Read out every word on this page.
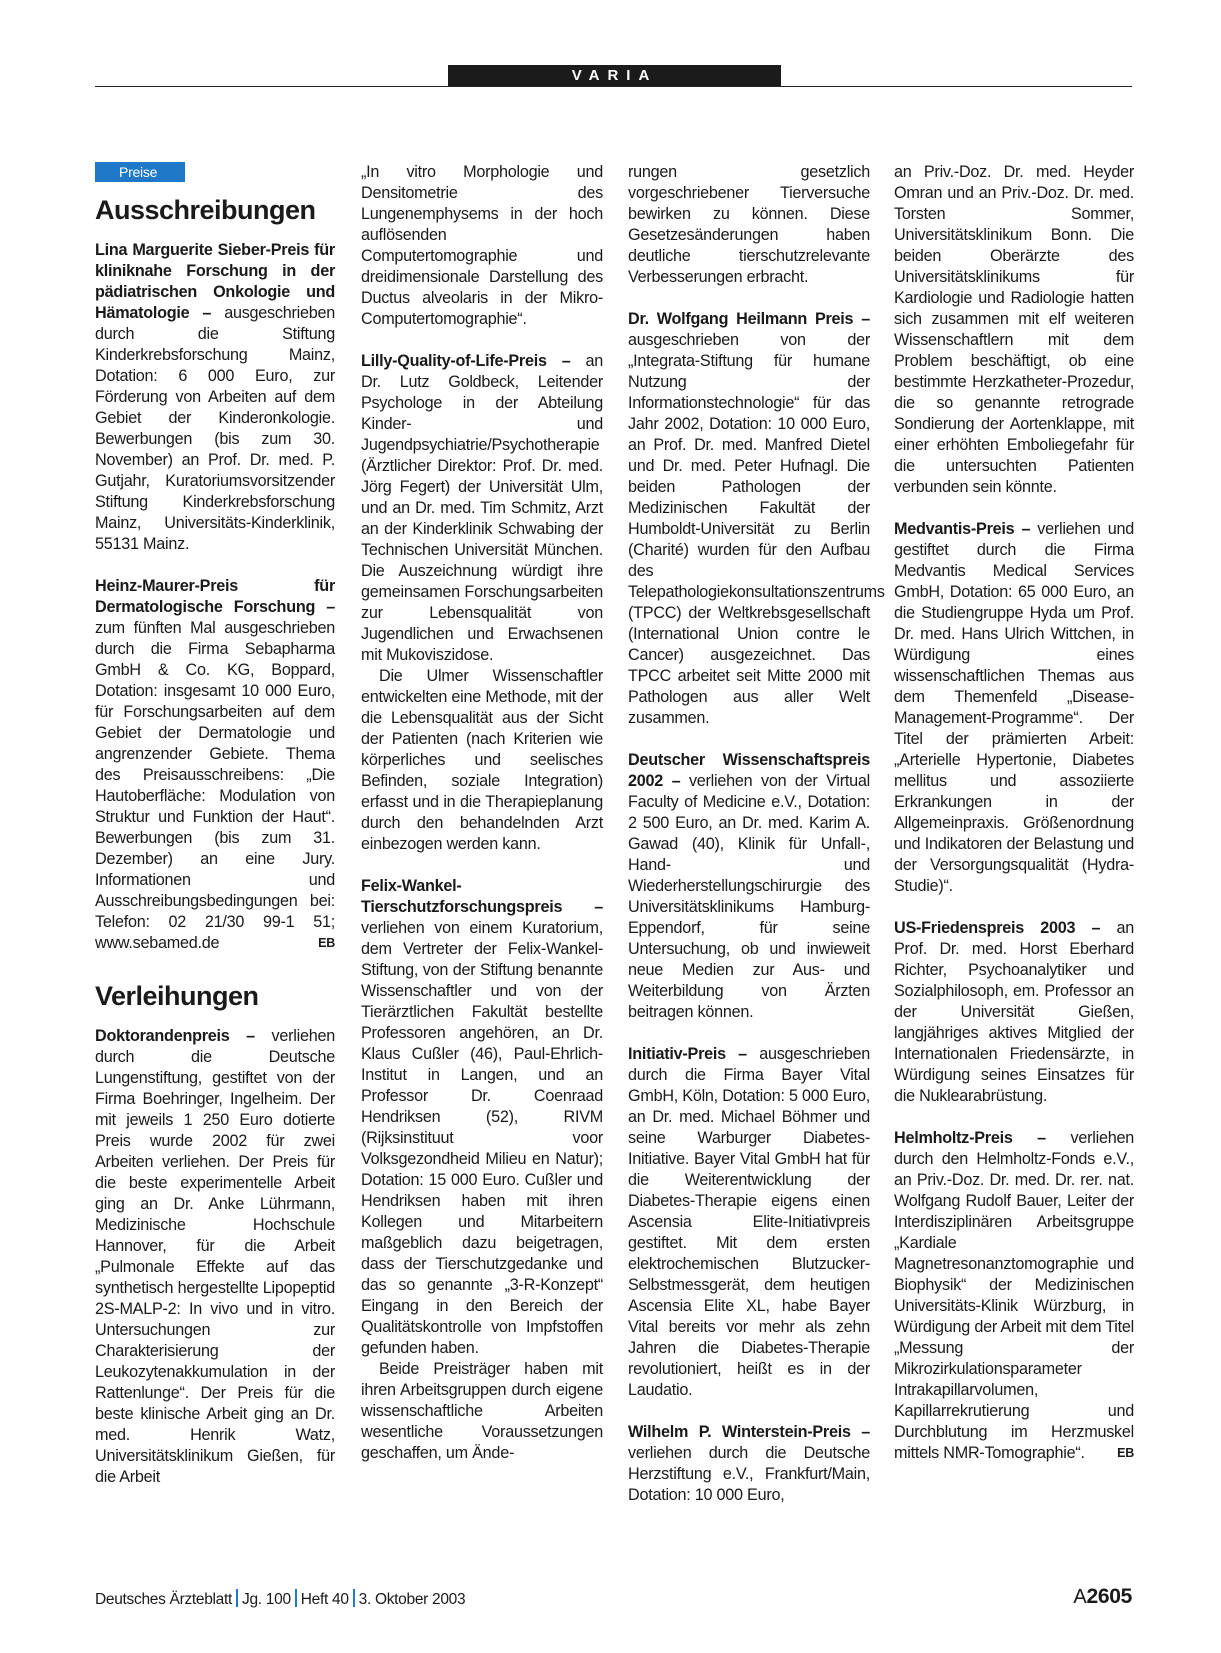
VARIA
Preise
Ausschreibungen

Lina Marguerite Sieber-Preis für kliniknahe Forschung in der pädiatrischen Onkologie und Hämatologie – ausgeschrieben durch die Stiftung Kinderkrebsforschung Mainz, Dotation: 6 000 Euro, zur Förderung von Arbeiten auf dem Gebiet der Kinderonkologie. Bewerbungen (bis zum 30. November) an Prof. Dr. med. P. Gutjahr, Kuratoriumsvorsitzender Stiftung Kinderkrebsforschung Mainz, Universitäts-Kinderklinik, 55131 Mainz.

Heinz-Maurer-Preis für Dermatologische Forschung – zum fünften Mal ausgeschrieben durch die Firma Sebapharma GmbH & Co. KG, Boppard, Dotation: insgesamt 10 000 Euro, für Forschungsarbeiten auf dem Gebiet der Dermatologie und angrenzender Gebiete. Thema des Preisausschreibens: „Die Hautoberfläche: Modulation von Struktur und Funktion der Haut“. Bewerbungen (bis zum 31. Dezember) an eine Jury. Informationen und Ausschreibungsbedingungen bei: Telefon: 02 21/30 99-1 51; www.sebamed.de	EB

Verleihungen

Doktorandenpreis – verliehen durch die Deutsche Lungenstiftung, gestiftet von der Firma Boehringer, Ingelheim. Der mit jeweils 1 250 Euro dotierte Preis wurde 2002 für zwei Arbeiten verliehen. Der Preis für die beste experimentelle Arbeit ging an Dr. Anke Lührmann, Medizinische Hochschule Hannover, für die Arbeit „Pulmonale Effekte auf das synthetisch hergestellte Lipopeptid 2S-MALP-2: In vivo und in vitro. Untersuchungen zur Charakterisierung der Leukozytenakkumulation in der Rattenlunge“. Der Preis für die beste klinische Arbeit ging an Dr. med. Henrik Watz, Universitätsklinikum Gießen, für die Arbeit

„In vitro Morphologie und Densitometrie des Lungenemphysems in der hoch auflösenden Computertomographie und dreidimensionale Darstellung des Ductus alveolaris in der Mikro-Computertomographie“.

Lilly-Quality-of-Life-Preis – an Dr. Lutz Goldbeck, Leitender Psychologe in der Abteilung Kinder- und Jugendpsychiatrie/Psychotherapie (Ärztlicher Direktor: Prof. Dr. med. Jörg Fegert) der Universität Ulm, und an Dr. med. Tim Schmitz, Arzt an der Kinderklinik Schwabing der Technischen Universität München. Die Auszeichnung würdigt ihre gemeinsamen Forschungsarbeiten zur Lebensqualität von Jugendlichen und Erwachsenen mit Mukoviszidose.

Die Ulmer Wissenschaftler entwickelten eine Methode, mit der die Lebensqualität aus der Sicht der Patienten (nach Kriterien wie körperliches und seelisches Befinden, soziale Integration) erfasst und in die Therapieplanung durch den behandelnden Arzt einbezogen werden kann.

Felix-Wankel-Tierschutzforschungspreis – verliehen von einem Kuratorium, dem Vertreter der Felix-Wankel-Stiftung, von der Stiftung benannte Wissenschaftler und von der Tierärztlichen Fakultät bestellte Professoren angehören, an Dr. Klaus Cußler (46), Paul-Ehrlich-Institut in Langen, und an Professor Dr. Coenraad Hendriksen (52), RIVM (Rijksinstituut voor Volksgezondheid Milieu en Natur); Dotation: 15 000 Euro. Cußler und Hendriksen haben mit ihren Kollegen und Mitarbeitern maßgeblich dazu beigetragen, dass der Tierschutzgedanke und das so genannte „3-R-Konzept“ Eingang in den Bereich der Qualitätskontrolle von Impfstoffen gefunden haben.

Beide Preisträger haben mit ihren Arbeitsgruppen durch eigene wissenschaftliche Arbeiten wesentliche Voraussetzungen geschaffen, um Ände-

rungen gesetzlich vorgeschriebener Tierversuche bewirken zu können. Diese Gesetzesänderungen haben deutliche tierschutzrelevante Verbesserungen erbracht.

Dr. Wolfgang Heilmann Preis – ausgeschrieben von der „Integrata-Stiftung für humane Nutzung der Informationstechnologie“ für das Jahr 2002, Dotation: 10 000 Euro, an Prof. Dr. med. Manfred Dietel und Dr. med. Peter Hufnagl. Die beiden Pathologen der Medizinischen Fakultät der Humboldt-Universität zu Berlin (Charité) wurden für den Aufbau des Telepathologiekonsultationszentrums (TPCC) der Weltkrebsgesellschaft (International Union contre le Cancer) ausgezeichnet. Das TPCC arbeitet seit Mitte 2000 mit Pathologen aus aller Welt zusammen.

Deutscher Wissenschaftspreis 2002 – verliehen von der Virtual Faculty of Medicine e.V., Dotation: 2 500 Euro, an Dr. med. Karim A. Gawad (40), Klinik für Unfall-, Hand- und Wiederherstellungschirurgie des Universitätsklinikums Hamburg-Eppendorf, für seine Untersuchung, ob und inwieweit neue Medien zur Aus- und Weiterbildung von Ärzten beitragen können.

Initiativ-Preis – ausgeschrieben durch die Firma Bayer Vital GmbH, Köln, Dotation: 5 000 Euro, an Dr. med. Michael Böhmer und seine Warburger Diabetes-Initiative. Bayer Vital GmbH hat für die Weiterentwicklung der Diabetes-Therapie eigens einen Ascensia Elite-Initiativpreis gestiftet. Mit dem ersten elektrochemischen Blutzucker-Selbstmessgerät, dem heutigen Ascensia Elite XL, habe Bayer Vital bereits vor mehr als zehn Jahren die Diabetes-Therapie revolutioniert, heißt es in der Laudatio.

Wilhelm P. Winterstein-Preis – verliehen durch die Deutsche Herzstiftung e.V., Frankfurt/Main, Dotation: 10 000 Euro,

an Priv.-Doz. Dr. med. Heyder Omran und an Priv.-Doz. Dr. med. Torsten Sommer, Universitätsklinikum Bonn. Die beiden Oberärzte des Universitätsklinikums für Kardiologie und Radiologie hatten sich zusammen mit elf weiteren Wissenschaftlern mit dem Problem beschäftigt, ob eine bestimmte Herzkatheter-Prozedur, die so genannte retrograde Sondierung der Aortenklappe, mit einer erhöhten Emboliegefahr für die untersuchten Patienten verbunden sein könnte.

Medvantis-Preis – verliehen und gestiftet durch die Firma Medvantis Medical Services GmbH, Dotation: 65 000 Euro, an die Studiengruppe Hyda um Prof. Dr. med. Hans Ulrich Wittchen, in Würdigung eines wissenschaftlichen Themas aus dem Themenfeld „Disease-Management-Programme“. Der Titel der prämierten Arbeit: „Arterielle Hypertonie, Diabetes mellitus und assoziierte Erkrankungen in der Allgemeinpraxis. Größenordnung und Indikatoren der Belastung und der Versorgungsqualität (Hydra-Studie)“.

US-Friedenspreis 2003 – an Prof. Dr. med. Horst Eberhard Richter, Psychoanalytiker und Sozialphilosoph, em. Professor an der Universität Gießen, langjähriges aktives Mitglied der Internationalen Friedensärzte, in Würdigung seines Einsatzes für die Nuklearabrüstung.

Helmholtz-Preis – verliehen durch den Helmholtz-Fonds e.V., an Priv.-Doz. Dr. med. Dr. rer. nat. Wolfgang Rudolf Bauer, Leiter der Interdisziplinären Arbeitsgruppe „Kardiale Magnetresonanztomographie und Biophysik“ der Medizinischen Universitäts-Klinik Würzburg, in Würdigung der Arbeit mit dem Titel „Messung der Mikrozirkulationsparameter Intrakapillarvolumen, Kapillarrekrutierung und Durchblutung im Herzmuskel mittels NMR-Tomographie“.	EB

Deutsches Ärzteblatt Jg. 100 Heft 40 3. Oktober 2003	A2605
